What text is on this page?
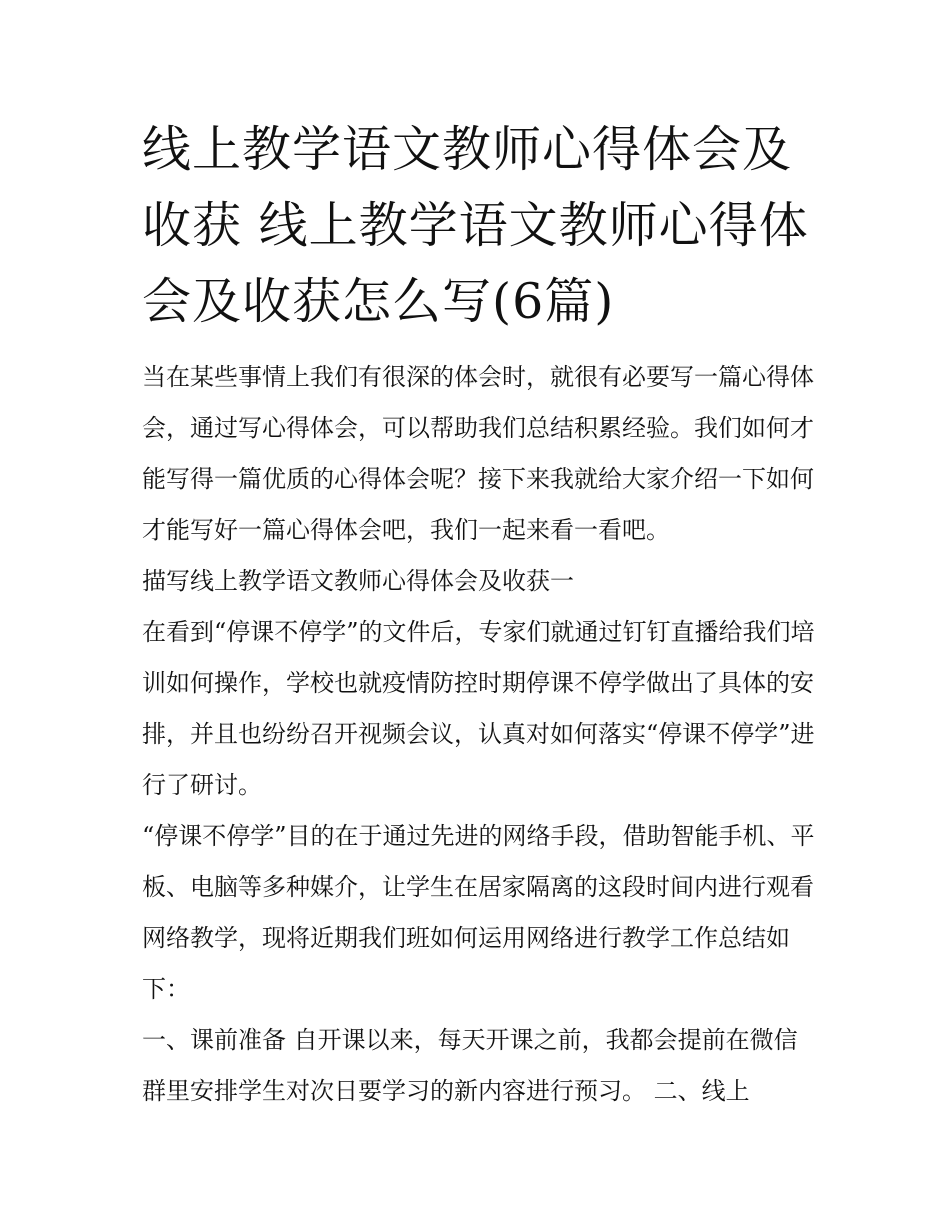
线上教学语文教师心得体会及收获 线上教学语文教师心得体会及收获怎么写(6篇)

当在某些事情上我们有很深的体会时，就很有必要写一篇心得体会，通过写心得体会，可以帮助我们总结积累经验。我们如何才能写得一篇优质的心得体会呢？接下来我就给大家介绍一下如何才能写好一篇心得体会吧，我们一起来看一看吧。

描写线上教学语文教师心得体会及收获一

在看到“停课不停学”的文件后，专家们就通过钉钉直播给我们培训如何操作，学校也就疫情防控时期停课不停学做出了具体的安排，并且也纷纷召开视频会议，认真对如何落实“停课不停学”进行了研讨。

“停课不停学”目的在于通过先进的网络手段，借助智能手机、平板、电脑等多种媒介，让学生在居家隔离的这段时间内进行观看网络教学，现将近期我们班如何运用网络进行教学工作总结如下：

一、课前准备 自开课以来，每天开课之前，我都会提前在微信群里安排学生对次日要学习的新内容进行预习。 二、线上
